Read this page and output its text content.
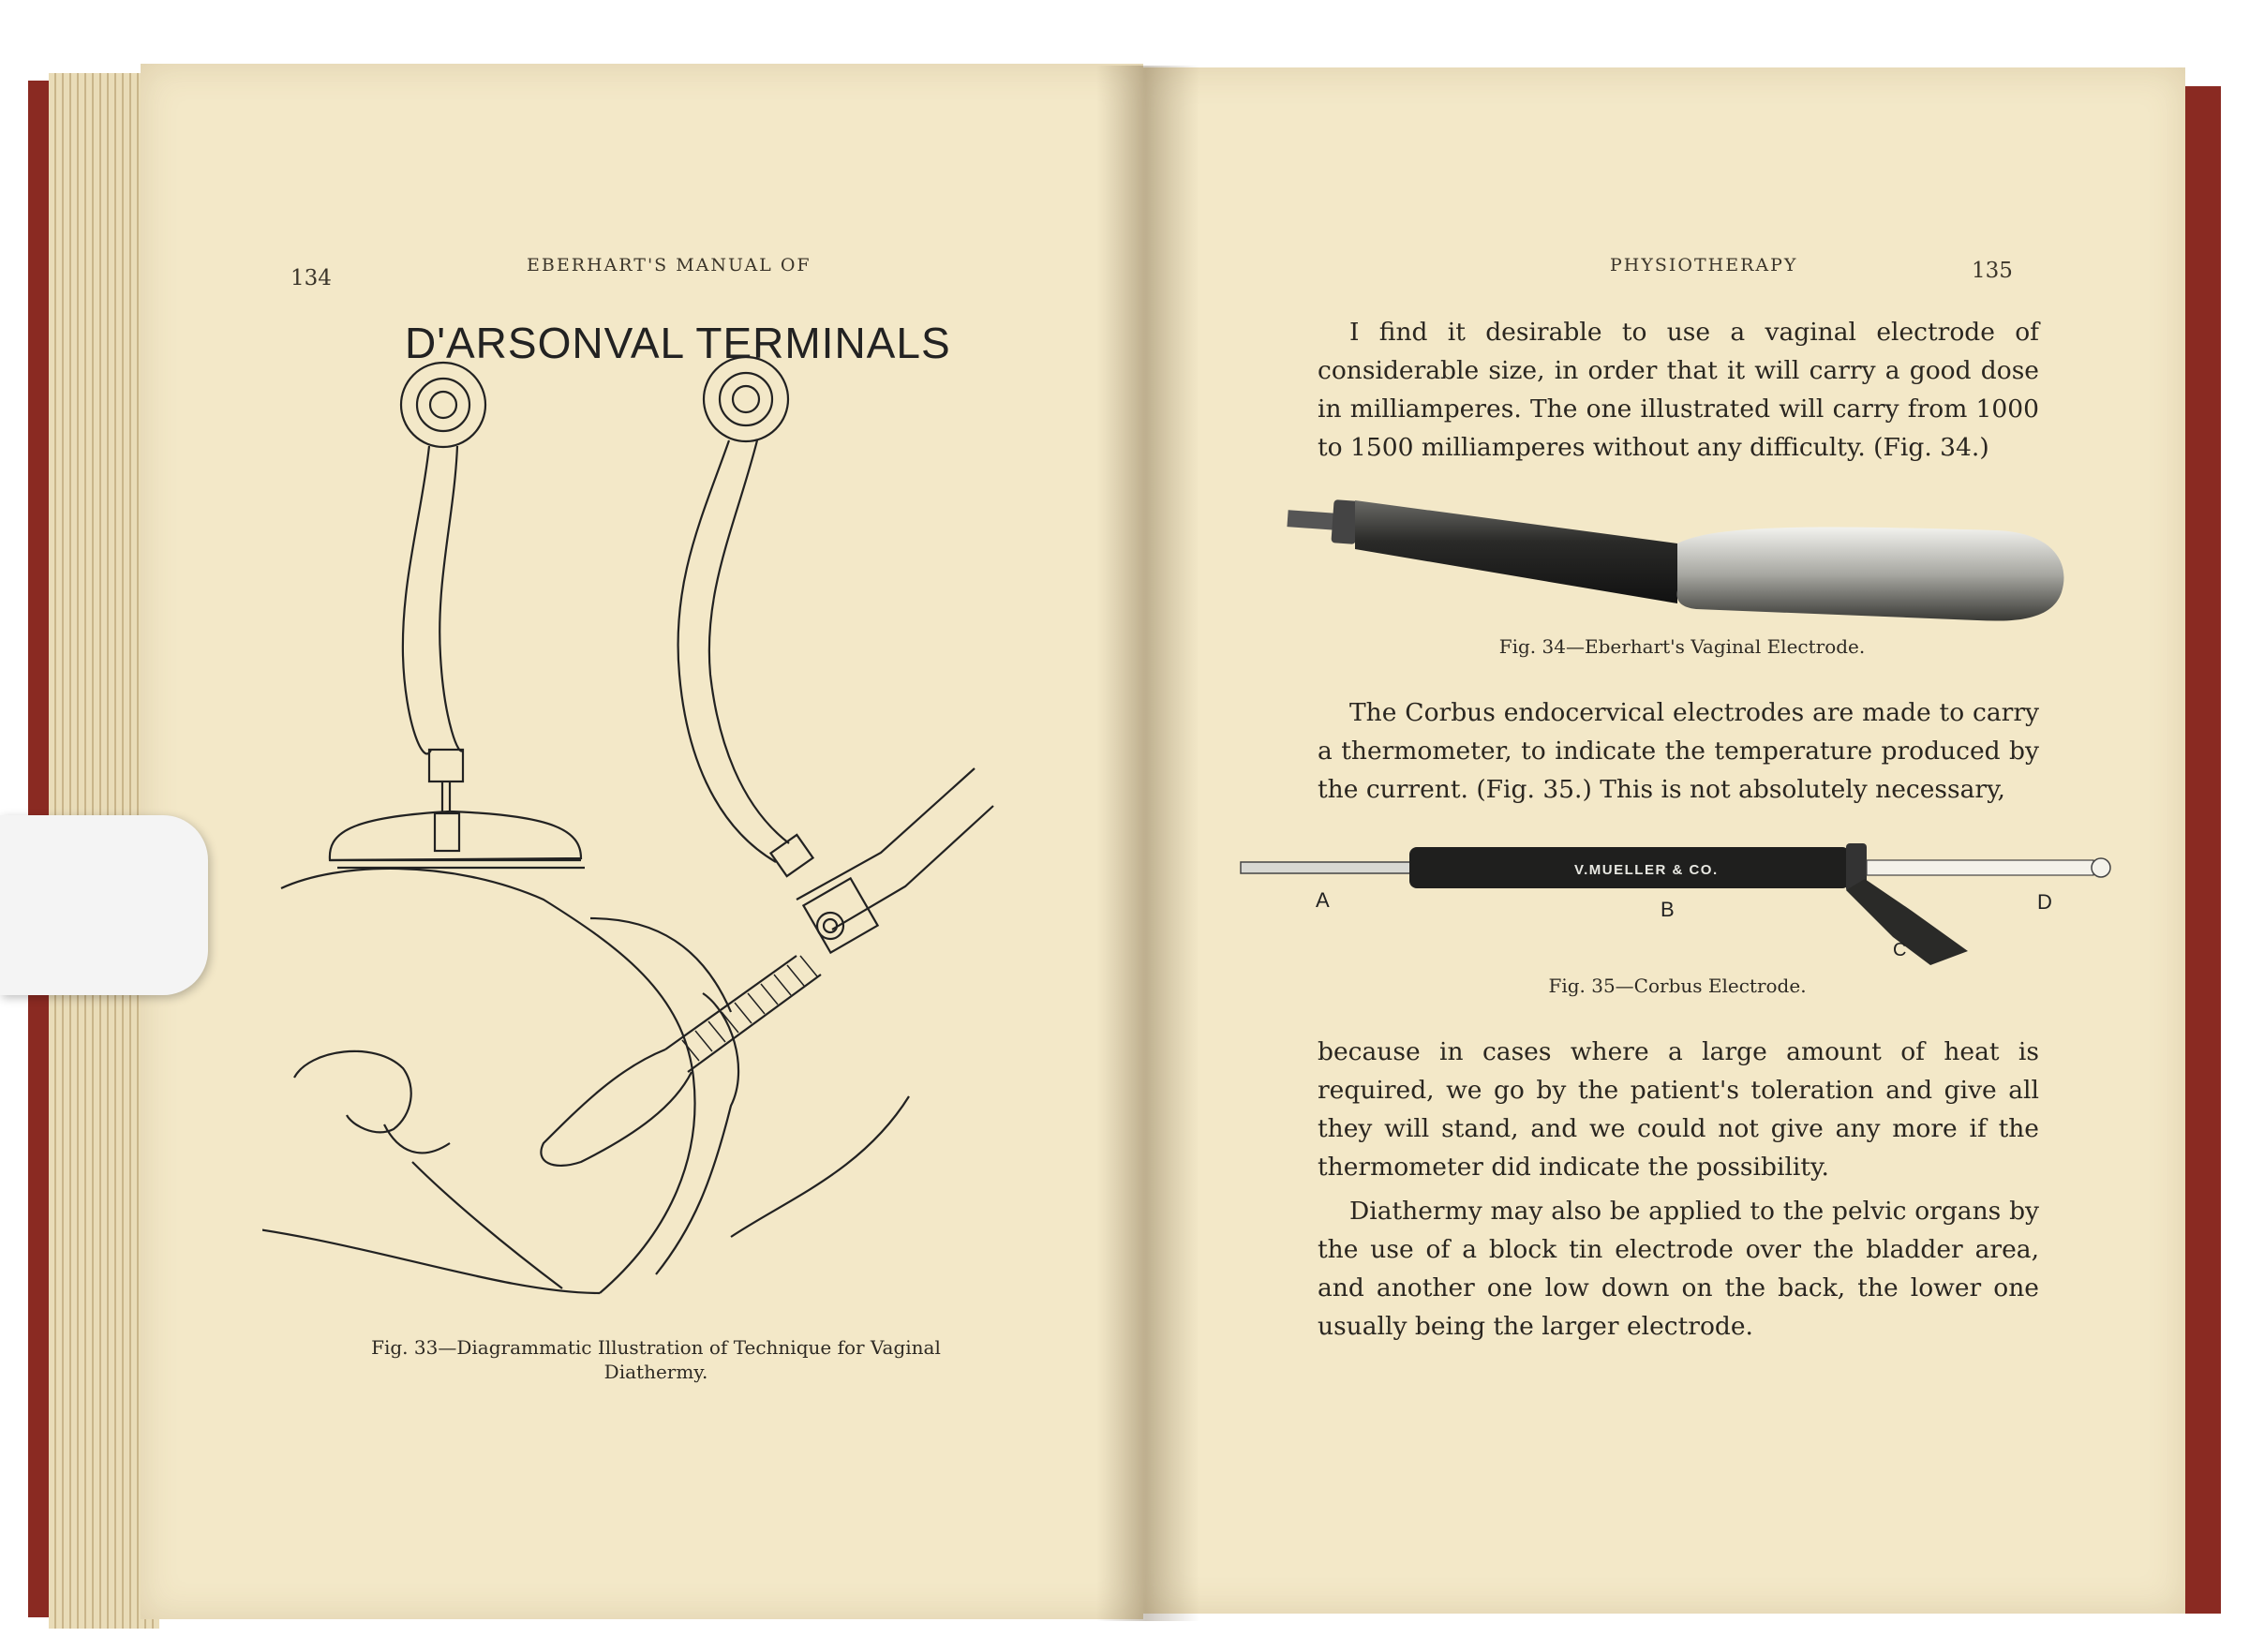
134
EBERHART'S MANUAL OF
D'ARSONVAL TERMINALS
Fig. 33—Diagrammatic Illustration of Technique for Vaginal Diathermy.
PHYSIOTHERAPY	135

I find it desirable to use a vaginal electrode of considerable size, in order that it will carry a good dose in milliamperes. The one illustrated will carry from 1000 to 1500 milliamperes without any difficulty. (Fig. 34.)

Fig. 34—Eberhart's Vaginal Electrode.

The Corbus endocervical electrodes are made to carry a thermometer, to indicate the temperature produced by the current. (Fig. 35.) This is not absolutely necessary,

V.MUELLER & CO.
A	B
C
D
Fig. 35—Corbus Electrode.

because in cases where a large amount of heat is required, we go by the patient's toleration and give all they will stand, and we could not give any more if the thermometer did indicate the possibility.

Diathermy may also be applied to the pelvic organs by the use of a block tin electrode over the bladder area, and another one low down on the back, the lower one usually being the larger electrode.
